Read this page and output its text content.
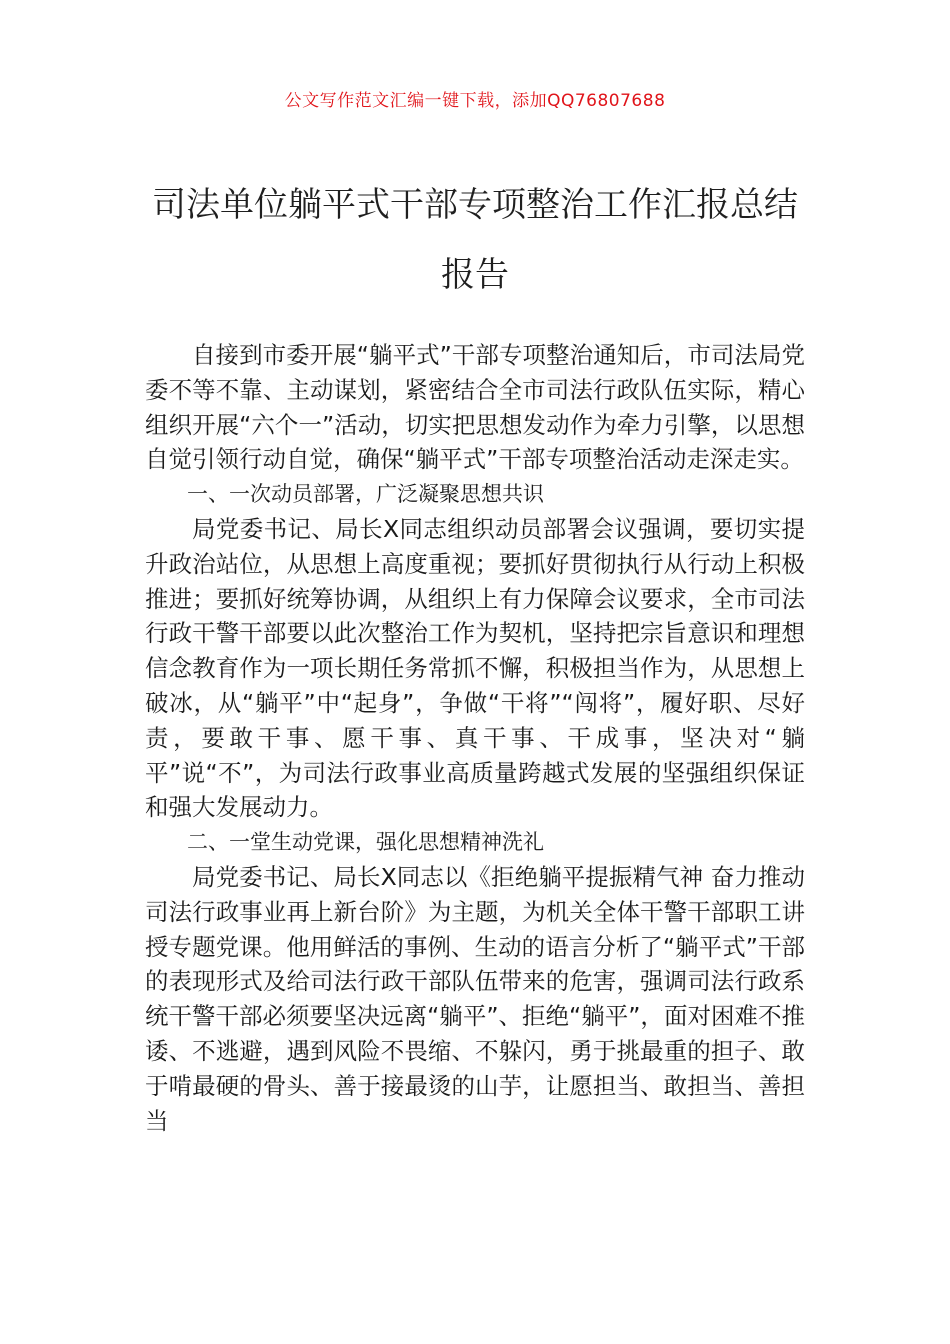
公文写作范文汇编一键下载，添加QQ76807688
司法单位躺平式干部专项整治工作汇报总结报告

自接到市委开展“躺平式”干部专项整治通知后，市司法局党委不等不靠、主动谋划，紧密结合全市司法行政队伍实际，精心组织开展“六个一”活动，切实把思想发动作为牵力引擎，以思想自觉引领行动自觉，确保“躺平式”干部专项整治活动走深走实。

一、一次动员部署，广泛凝聚思想共识

局党委书记、局长X同志组织动员部署会议强调，要切实提升政治站位，从思想上高度重视；要抓好贯彻执行从行动上积极推进；要抓好统筹协调，从组织上有力保障会议要求，全市司法行政干警干部要以此次整治工作为契机，坚持把宗旨意识和理想信念教育作为一项长期任务常抓不懈，积极担当作为，从思想上破冰，从“躺平”中“起身”，争做“干将”“闯将”，履好职、尽好责，要敢干事、愿干事、真干事、干成事，坚决对“躺平”说“不”，为司法行政事业高质量跨越式发展的坚强组织保证和强大发展动力。

二、一堂生动党课，强化思想精神洗礼

局党委书记、局长X同志以《拒绝躺平提振精气神 奋力推动司法行政事业再上新台阶》为主题，为机关全体干警干部职工讲授专题党课。他用鲜活的事例、生动的语言分析了“躺平式”干部的表现形式及给司法行政干部队伍带来的危害，强调司法行政系统干警干部必须要坚决远离“躺平”、拒绝“躺平”，面对困难不推诿、不逃避，遇到风险不畏缩、不躲闪，勇于挑最重的担子、敢于啃最硬的骨头、善于接最烫的山芋，让愿担当、敢担当、善担当
